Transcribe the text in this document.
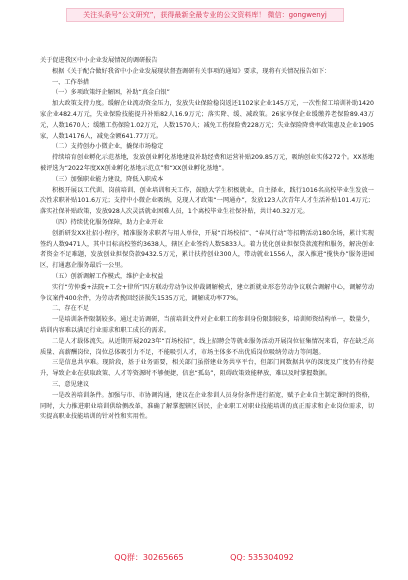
关注头条号“公文研究”，获得最新全最专业的公文资料库！ 微信：gongwenyj

关于促进我区中小企业发展情况的调研报告

根据《关于配合做好我省中小企业发展现状督查调研有关事项的通知》要求，现将有关情况报告如下：

一、工作举措

（一）多项政策纾企解困，补助“真金白银”

加大政策支持力度。缓解企业流动资金压力，发放失业保险稳岗返还1102家企业145万元，一次性留工培训补助1420家企业482.4万元，失业保险技能提升补贴82人16.9万元；落实降、缓、减政策。26家享保企业缓缴养老保险89.43万元，人数1670人；缓缴工伤保险1.02万元，人数1570人；减免工伤保险费228万元；失业保险降费率政策惠及企业1905家，人数14176人，减免金额641.77万元。

（二）支持创办小微企业，撬保市场稳定

持续培育创业孵化示范基地，发放创业孵化基地建设补助经费和运营补贴209.85万元，吸纳创业实体272个。XX基地被评选为“2022年度XX创业孵化基地示范点”和“XX创业孵化基地”。

（三）加强职业能力建设，降低入职成本

积极开展以工代训、岗前培训、创业培训和天工作，鼓励大学生积极就业，自主择业，践行1016名高校毕业生发放一次性求职补贴101.6万元；支持中小微企业吸纳，兑现人才政策“一网通办”，发放123人次青年人才生活补贴101.4万元；落实社保补贴政策，发放928人次灵活就业困难人员，1个离校毕业生社保补贴，共计40.32万元。

（四）持续优化服务保障，助力企业开业

创新研发XX社招小程序，精准服务求职者与用人单位，开展“百场校招”、“春风行动”等招聘活动180余场，累计实现签约人数9471人，其中目标高校签约3638人，辖区企业签约人数5833人。着力优化创业担保贷款流程和服务，解决创业者资金不足难题，发放创业担保贷款9432.5万元，累计扶持创业300人，带动就业1556人，深入推进“揽快办”服务进园区，打通惠企服务最后一公里。

（五）创新调解工作模式，维护企业权益

实行“劳仲委+法院+工会+律所”四方联动劳动争议仲裁调解模式，建立新就业形态劳动争议联合调解中心，调解劳动争议案件400余件，为劳动者挽回经济损失1535万元，调解成功率77%。

二、存在不足

一是培训条件限制较多。通过走访调研，当前培训文件对企业职工的参训身份限制较多，培训师资结构单一，数量少，培训内容难以满足行业需求和职工成长的需求。

二是人才载体流失。从近期开展2023年“百场校招”，线上招聘会等就业服务活动开展岗位征集情况来看，存在缺乏高质量、高薪酬岗位，岗位总体吸引力不足，不能吸引人才，市场主体多不出优质岗位吸纳劳动力等问题。

三是信息共享难。现阶段，基于业务需要，相关部门虽搭建业务共享平台，但部门间数据共享的深度及广度仍有待提升，导致企业在获取政策、人才等资源时不够便捷，信息“孤岛”，阻碍政策效能释放，难以及时掌握数据。

三、意见建议

一是改善培训条件。加强与市、市协调沟通，建议在企业参训人员身份条件进行拓宽，赋予企业自主制定课时的资格，同时，大力推进职业培训供给侧改革，准确了解掌握辖区居民，企业职工对职业技能培训的真正需求和企业岗位需求，切实提高职业技能培训的针对性和实用性。

QQ群：30265665	QQ: 535304092
